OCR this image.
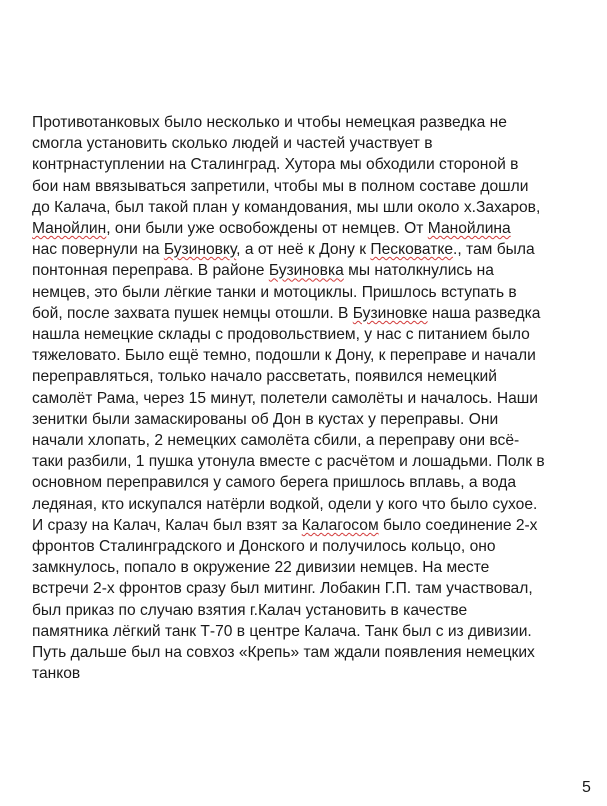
Противотанковых было несколько и чтобы немецкая разведка не
смогла установить сколько людей и частей участвует в
контрнаступлении на Сталинград. Хутора мы обходили стороной в
бои нам ввязываться запретили, чтобы мы в полном составе дошли
до Калача, был такой план у командования, мы шли около х.Захаров,
Манойлин, они были уже освобождены от немцев. От Манойлина
нас повернули на Бузиновку, а от неё к Дону к Песковатке., там была
понтонная переправа. В районе Бузиновка мы натолкнулись на
немцев, это были лёгкие танки и мотоциклы. Пришлось вступать в
бой, после захвата пушек немцы отошли. В Бузиновке наша разведка
нашла немецкие склады с продовольствием, у нас с питанием было
тяжеловато. Было ещё темно, подошли к Дону, к переправе и начали
переправляться, только начало рассветать, появился немецкий
самолёт Рама, через 15 минут, полетели самолёты и началось. Наши
зенитки были замаскированы об Дон в кустах у переправы. Они
начали хлопать, 2 немецких самолёта сбили, а переправу они всё-
таки разбили, 1 пушка утонула вместе с расчётом и лошадьми. Полк в
основном переправился у самого берега пришлось вплавь, а вода
ледяная, кто искупался натёрли водкой, одели у кого что было сухое.
И сразу на Калач, Калач был взят за Калагосом было соединение 2-х
фронтов Сталинградского и Донского и получилось кольцо, оно
замкнулось, попало в окружение 22 дивизии немцев. На месте
встречи 2-х фронтов сразу был митинг. Лобакин Г.П. там участвовал,
был приказ по случаю взятия г.Калач установить в качестве
памятника лёгкий танк Т-70 в центре Калача. Танк был с из дивизии.
Путь дальше был на совхоз «Крепь» там ждали появления немецких
танков
5
